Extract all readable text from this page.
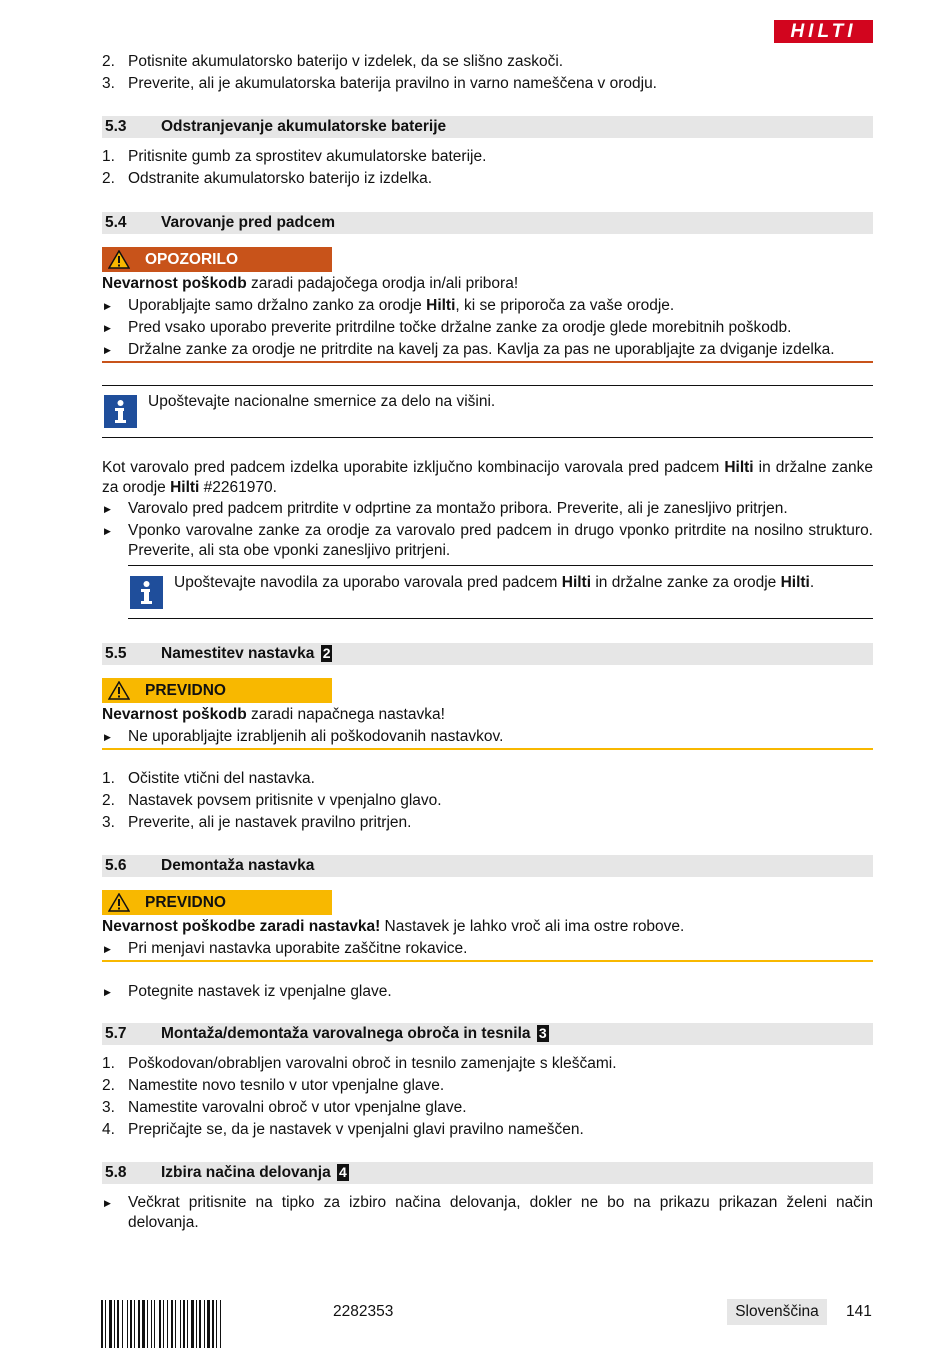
HILTI
2. Potisnite akumulatorsko baterijo v izdelek, da se slišno zaskoči.
3. Preverite, ali je akumulatorska baterija pravilno in varno nameščena v orodju.
5.3 Odstranjevanje akumulatorske baterije
1. Pritisnite gumb za sprostitev akumulatorske baterije.
2. Odstranite akumulatorsko baterijo iz izdelka.
5.4 Varovanje pred padcem
OPOZORILO
Nevarnost poškodb zaradi padajočega orodja in/ali pribora!
▶ Uporabljajte samo držalno zanko za orodje Hilti, ki se priporoča za vaše orodje.
▶ Pred vsako uporabo preverite pritrdilne točke držalne zanke za orodje glede morebitnih poškodb.
▶ Držalne zanke za orodje ne pritrdite na kavelj za pas. Kavlja za pas ne uporabljajte za dviganje izdelka.
Upoštevajte nacionalne smernice za delo na višini.
Kot varovalo pred padcem izdelka uporabite izključno kombinacijo varovala pred padcem Hilti in držalne zanke za orodje Hilti #2261970.
▶ Varovalo pred padcem pritrdite v odprtine za montažo pribora. Preverite, ali je zanesljivo pritrjen.
▶ Vponko varovalne zanke za orodje za varovalo pred padcem in drugo vponko pritrdite na nosilno strukturo. Preverite, ali sta obe vponki zanesljivo pritrjeni.
Upoštevajte navodila za uporabo varovala pred padcem Hilti in držalne zanke za orodje Hilti.
5.5 Namestitev nastavka 2
PREVIDNO
Nevarnost poškodb zaradi napačnega nastavka!
▶ Ne uporabljajte izrabljenih ali poškodovanih nastavkov.
1. Očistite vtični del nastavka.
2. Nastavek povsem pritisnite v vpenjalno glavo.
3. Preverite, ali je nastavek pravilno pritrjen.
5.6 Demontaža nastavka
PREVIDNO
Nevarnost poškodbe zaradi nastavka! Nastavek je lahko vroč ali ima ostre robove.
▶ Pri menjavi nastavka uporabite zaščitne rokavice.
▶ Potegnite nastavek iz vpenjalne glave.
5.7 Montaža/demontaža varovalnega obroča in tesnila 3
1. Poškodovan/obrabljen varovalni obroč in tesnilo zamenjajte s kleščami.
2. Namestite novo tesnilo v utor vpenjalne glave.
3. Namestite varovalni obroč v utor vpenjalne glave.
4. Prepričajte se, da je nastavek v vpenjalni glavi pravilno nameščen.
5.8 Izbira načina delovanja 4
▶ Večkrat pritisnite na tipko za izbiro načina delovanja, dokler ne bo na prikazu prikazan želeni način delovanja.
2282353	Slovenščina	141
